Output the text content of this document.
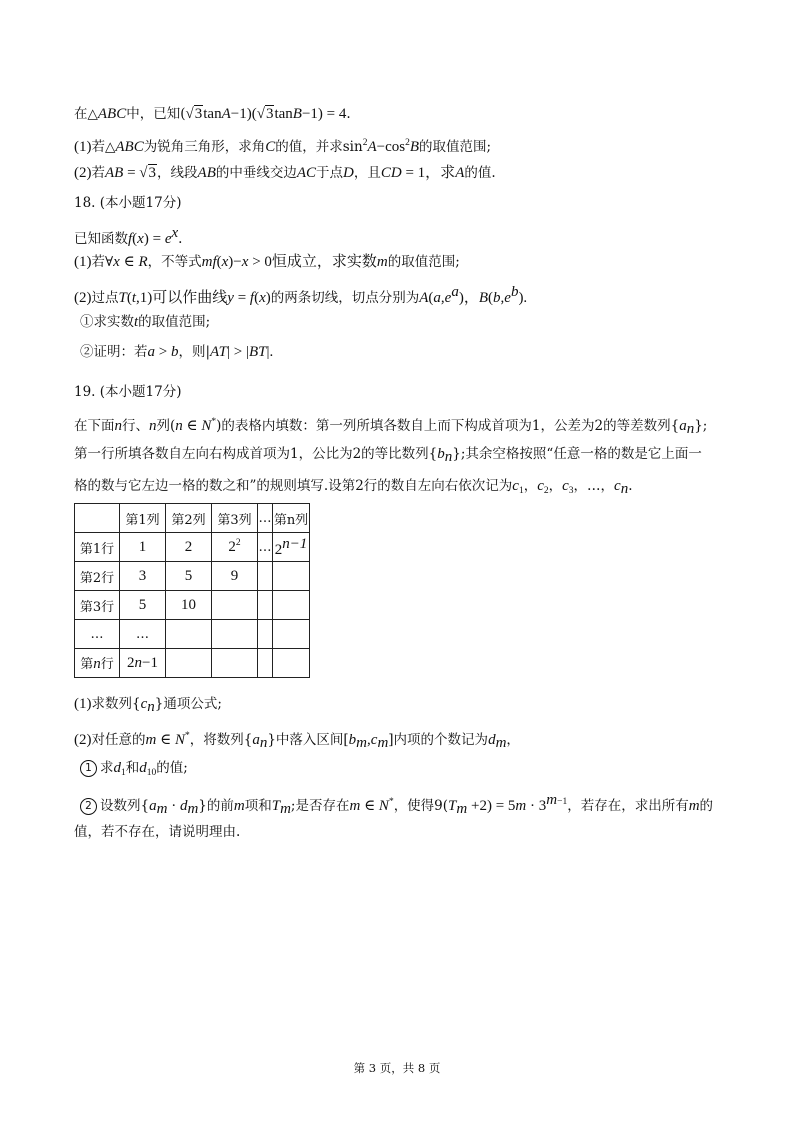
在△ABC中，已知(√3tanA−1)(√3tanB−1) = 4.
(1)若△ABC为锐角三角形，求角C的值，并求$\sin^2A-\cos^2B$的取值范围;
(2)若AB = √3，线段AB的中垂线交边AC于点D，且CD = 1，求A的值.
18. (本小题17分)
已知函数$f(x) = e^x$.
(1)若∀x ∈ R，不等式mf(x)−x > 0恒成立，求实数m的取值范围;
(2)过点T(t,1)可以作曲线y = f(x)的两条切线，切点分别为$A(a,e^a)$，$B(b,e^b)$.
①求实数t的取值范围;
②证明：若a > b，则|AT| > |BT|.
19. (本小题17分)
在下面n行、n列(n ∈ N*)的表格内填数：第一列所填各数自上而下构成首项为1，公差为2的等差数列$\{a_n\}$;
第一行所填各数自左向右构成首项为1，公比为2的等比数列$\{b_n\}$;其余空格按照“任意一格的数是它上面一
格的数与它左边一格的数之和”的规则填写.设第2行的数自左向右依次记为$c_1$，$c_2$，$c_3$，…，$c_n$.
	第1列	第2列	第3列	…	第n列
第1行	1	2	$2^2$	…	$2^{n-1}$
第2行	3	5	9		
第3行	5	10			
…	…				
第n行	2n−1				
(1)求数列$\{c_n\}$通项公式;
(2)对任意的m ∈ N*，将数列$\{a_n\}$中落入区间$[b_m,c_m]$内项的个数记为$d_m$，
1 求$d_1$和$d_{10}$的值;
2 设数列$\{a_m \cdot d_m\}$的前m项和$T_m$;是否存在m ∈ N*，使得$9(T_m +2) = 5m \cdot 3^{m-1}$，若存在，求出所有m的
值，若不存在，请说明理由.
第 3 页，共 8 页
